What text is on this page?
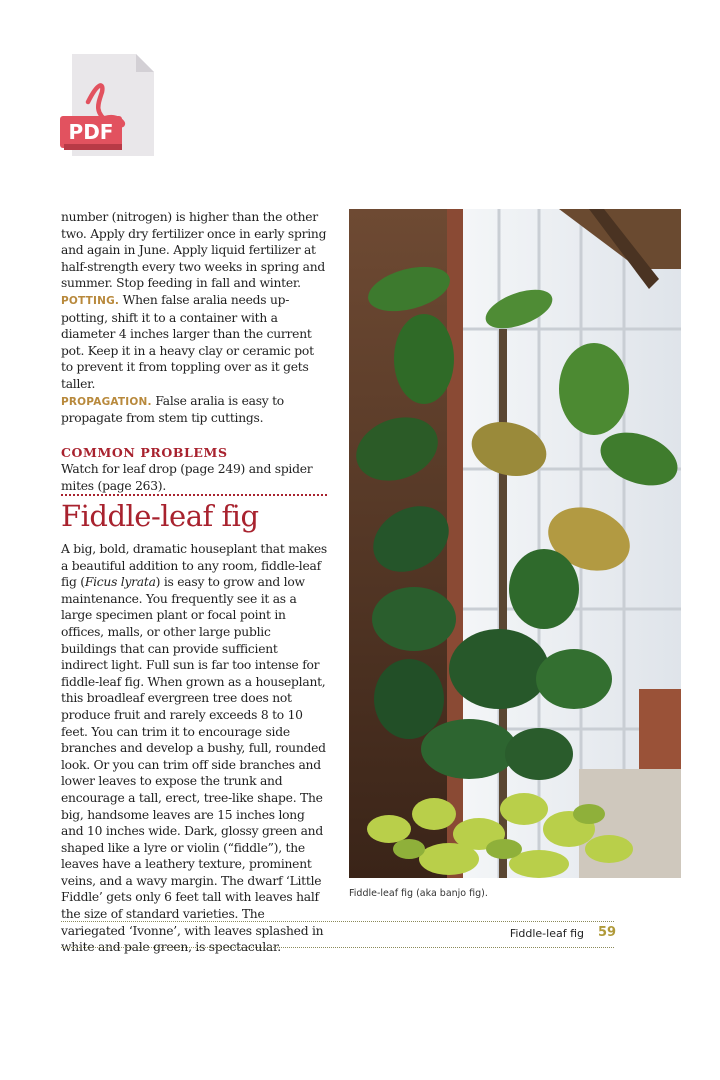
PDF

number (nitrogen) is higher than the other two. Apply dry fertilizer once in early spring and again in June. Apply liquid fertilizer at half-strength every two weeks in spring and summer. Stop feeding in fall and winter.

POTTING. When false aralia needs up-potting, shift it to a container with a diameter 4 inches larger than the current pot. Keep it in a heavy clay or ceramic pot to prevent it from toppling over as it gets taller.

PROPAGATION. False aralia is easy to propagate from stem tip cuttings.

COMMON PROBLEMS

Watch for leaf drop (page 249) and spider mites (page 263).

Fiddle-leaf fig

A big, bold, dramatic houseplant that makes a beautiful addition to any room, fiddle-leaf fig (Ficus lyrata) is easy to grow and low maintenance. You frequently see it as a large specimen plant or focal point in offices, malls, or other large public buildings that can provide sufficient indirect light. Full sun is far too intense for fiddle-leaf fig. When grown as a houseplant, this broadleaf evergreen tree does not produce fruit and rarely exceeds 8 to 10 feet. You can trim it to encourage side branches and develop a bushy, full, rounded look. Or you can trim off side branches and lower leaves to expose the trunk and encourage a tall, erect, tree-like shape. The big, handsome leaves are 15 inches long and 10 inches wide. Dark, glossy green and shaped like a lyre or violin (“fiddle”), the leaves have a leathery texture, prominent veins, and a wavy margin. The dwarf ‘Little Fiddle’ gets only 6 feet tall with leaves half the size of standard varieties. The variegated ‘Ivonne’, with leaves splashed in white and pale green, is spectacular.

Fiddle-leaf fig (aka banjo fig).
Fiddle-leaf fig 59
